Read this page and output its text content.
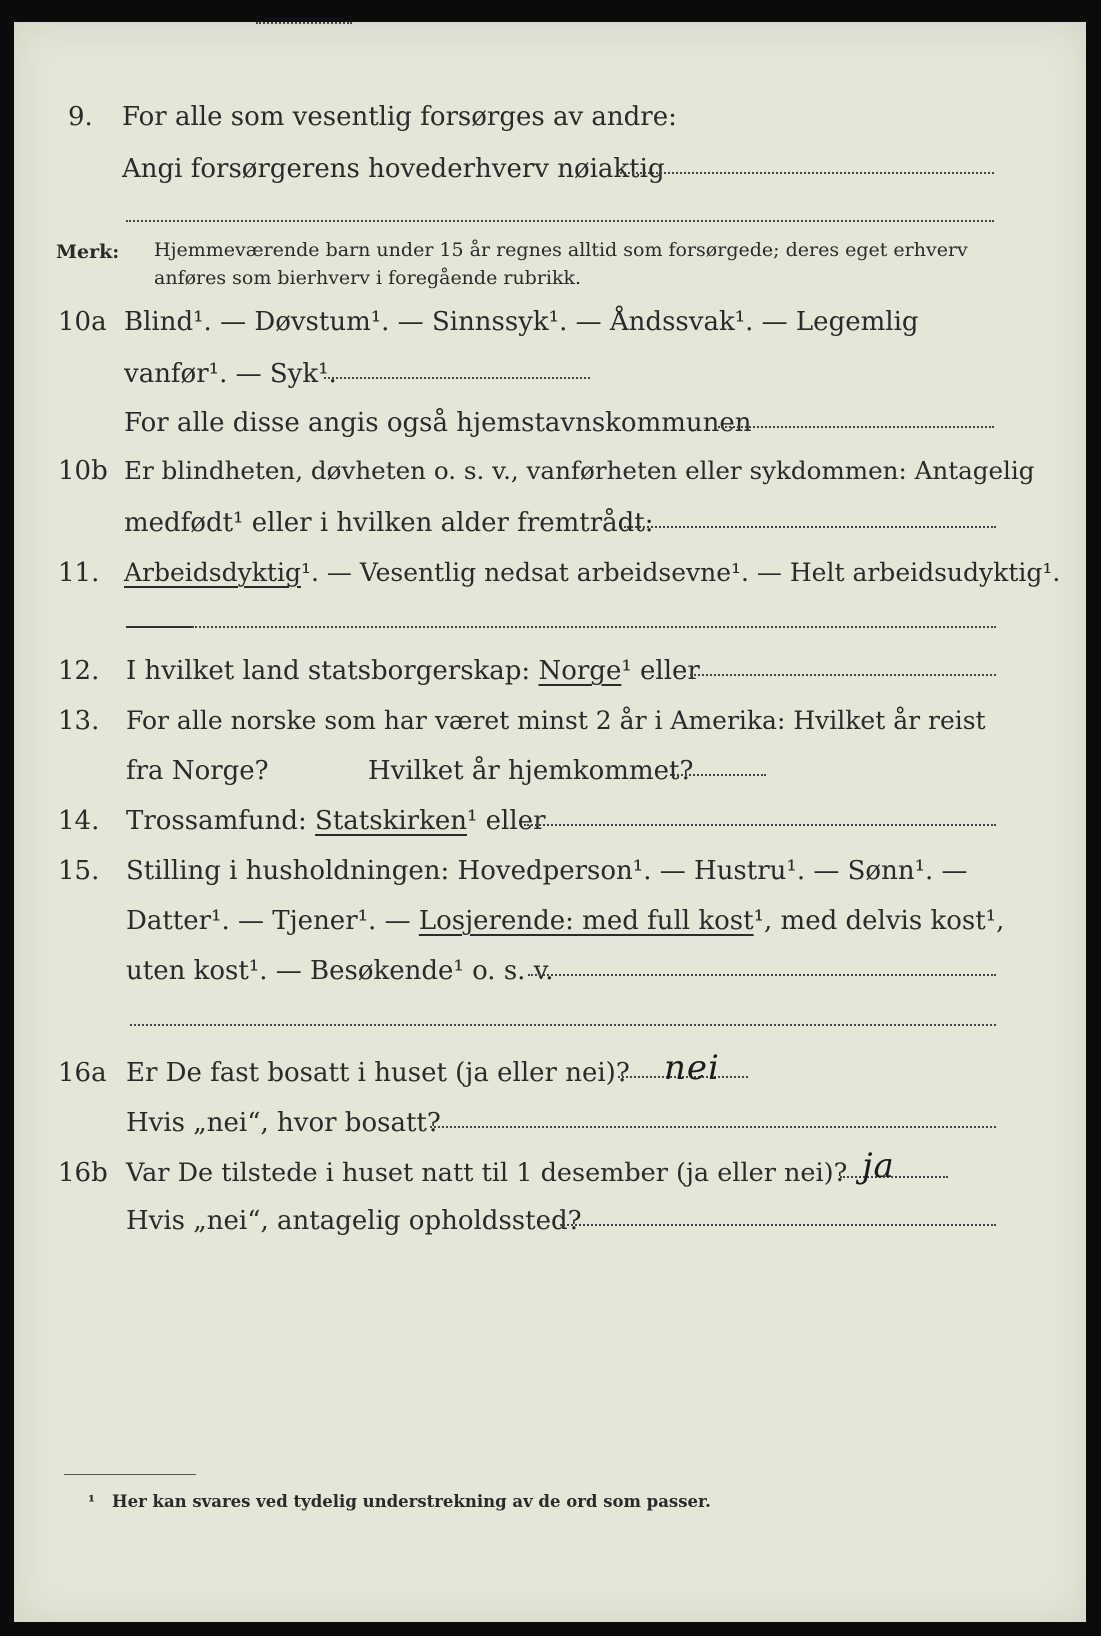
9. For alle som vesentlig forsørges av andre:
Angi forsørgerens hovederhverv nøiaktig
Merk: Hjemmeværende barn under 15 år regnes alltid som forsørgede; deres eget erhverv
anføres som bierhverv i foregående rubrikk.
10a Blind¹. — Døvstum¹. — Sinnssyk¹. — Åndssvak¹. — Legemlig
vanfør¹. — Syk¹.
For alle disse angis også hjemstavnskommunen
10b Er blindheten, døvheten o. s. v., vanførheten eller sykdommen: Antagelig
medfødt¹ eller i hvilken alder fremtrådt:
11. Arbeidsdyktig¹. — Vesentlig nedsat arbeidsevne¹. — Helt arbeidsudyktig¹.
12. I hvilket land statsborgerskap: Norge¹ eller
13. For alle norske som har været minst 2 år i Amerika: Hvilket år reist
fra Norge?	Hvilket år hjemkommet?
14. Trossamfund: Statskirken¹ eller
15. Stilling i husholdningen: Hovedperson¹. — Hustru¹. — Sønn¹. —
Datter¹. — Tjener¹. — Losjerende: med full kost¹, med delvis kost¹,
uten kost¹. — Besøkende¹ o. s. v.
16a Er De fast bosatt i huset (ja eller nei)? nei
Hvis „nei“, hvor bosatt?
16b Var De tilstede i huset natt til 1 desember (ja eller nei)? ja
Hvis „nei“, antagelig opholdssted?
¹ Her kan svares ved tydelig understrekning av de ord som passer.
